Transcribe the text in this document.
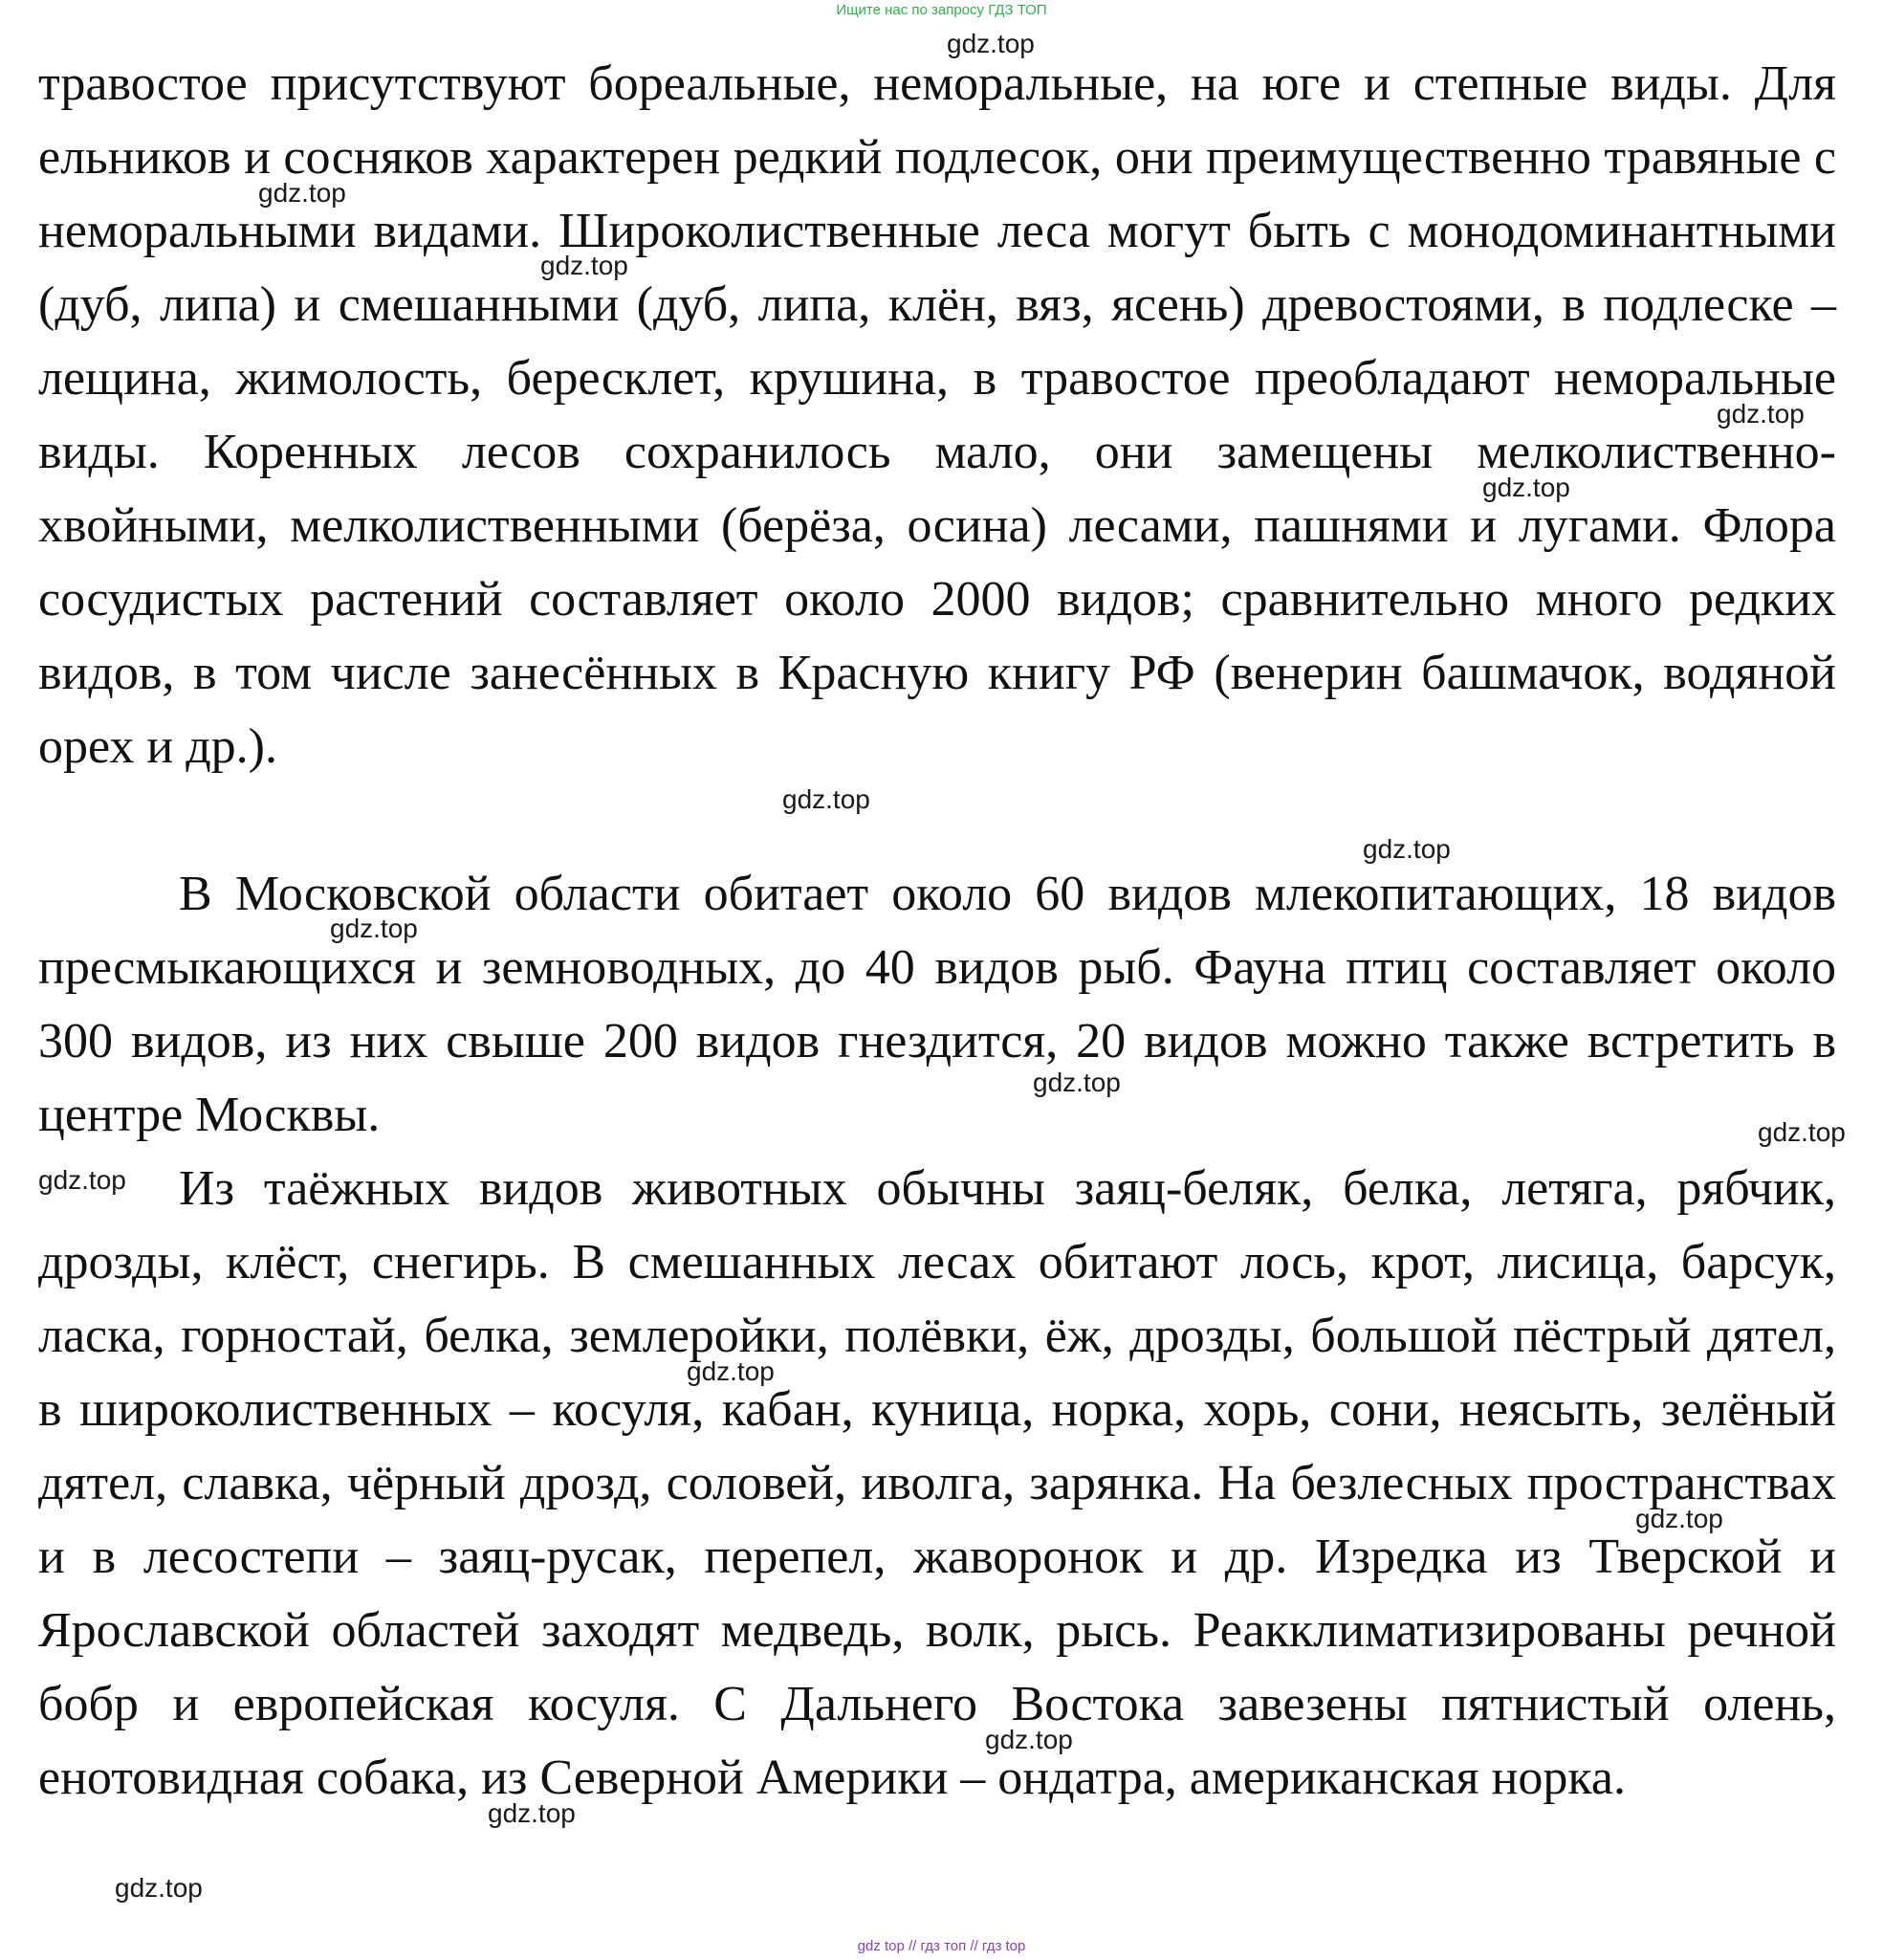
Ищите нас по запросу ГДЗ ТОП

травостое присутствуют бореальные, неморальные, на юге и степные виды. Для ельников и сосняков характерен редкий подлесок, они преимущественно травяные с неморальными видами. Широколиственные леса могут быть с монодоминантными (дуб, липа) и смешанными (дуб, липа, клён, вяз, ясень) древостоями, в подлеске – лещина, жимолость, бересклет, крушина, в травостое преобладают неморальные виды. Коренных лесов сохранилось мало, они замещены мелколиственно-хвойными, мелколиственными (берёза, осина) лесами, пашнями и лугами. Флора сосудистых растений составляет около 2000 видов; сравнительно много редких видов, в том числе занесённых в Красную книгу РФ (венерин башмачок, водяной орех и др.).

В Московской области обитает около 60 видов млекопитающих, 18 видов пресмыкающихся и земноводных, до 40 видов рыб. Фауна птиц составляет около 300 видов, из них свыше 200 видов гнездится, 20 видов можно также встретить в центре Москвы.

Из таёжных видов животных обычны заяц-беляк, белка, летяга, рябчик, дрозды, клёст, снегирь. В смешанных лесах обитают лось, крот, лисица, барсук, ласка, горностай, белка, землеройки, полёвки, ёж, дрозды, большой пёстрый дятел, в широколиственных – косуля, кабан, куница, норка, хорь, сони, неясыть, зелёный дятел, славка, чёрный дрозд, соловей, иволга, зарянка. На безлесных пространствах и в лесостепи – заяц-русак, перепел, жаворонок и др. Изредка из Тверской и Ярославской областей заходят медведь, волк, рысь. Реакклиматизированы речной бобр и европейская косуля. С Дальнего Востока завезены пятнистый олень, енотовидная собака, из Северной Америки – ондатра, американская норка.

gdz.top
gdz.top
gdz.top
gdz.top
gdz.top
gdz.top
gdz.top
gdz.top
gdz.top
gdz.top
gdz.top
gdz.top
gdz.top
gdz.top
gdz.top
gdz.top
gdz top // гдз топ // гдз top
